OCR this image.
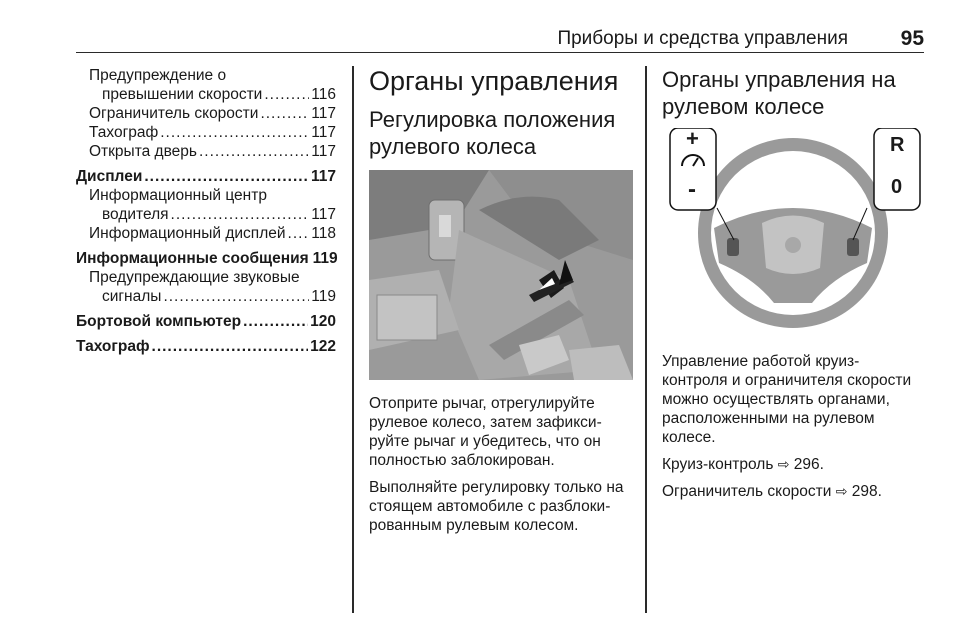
Приборы и средства управления	95
Предупреждение о
превышении скорости .....	116
Ограничитель скорости .....	117
Тахограф .....	117
Открыта дверь .....	117
Дисплеи .....	117
Информационный центр
водителя .....	117
Информационный дисплей ..... 118
Информационные сообщения 119
Предупреждающие звуковые
сигналы .....	119
Бортовой компьютер .....	120
Тахограф .....	122
Органы управления
Регулировка положения рулевого колеса
Отоприте рычаг, отрегулируйте рулевое колесо, затем зафикси-руйте рычаг и убедитесь, что он полностью заблокирован.
Выполняйте регулировку только на стоящем автомобиле с разблоки-рованным рулевым колесом.
Органы управления на рулевом колесе
+
-
R
0
Управление работой круиз-контроля и ограничителя скорости можно осуществлять органами, расположенными на рулевом колесе.
Круиз-контроль ⇨ 296.
Ограничитель скорости ⇨ 298.
